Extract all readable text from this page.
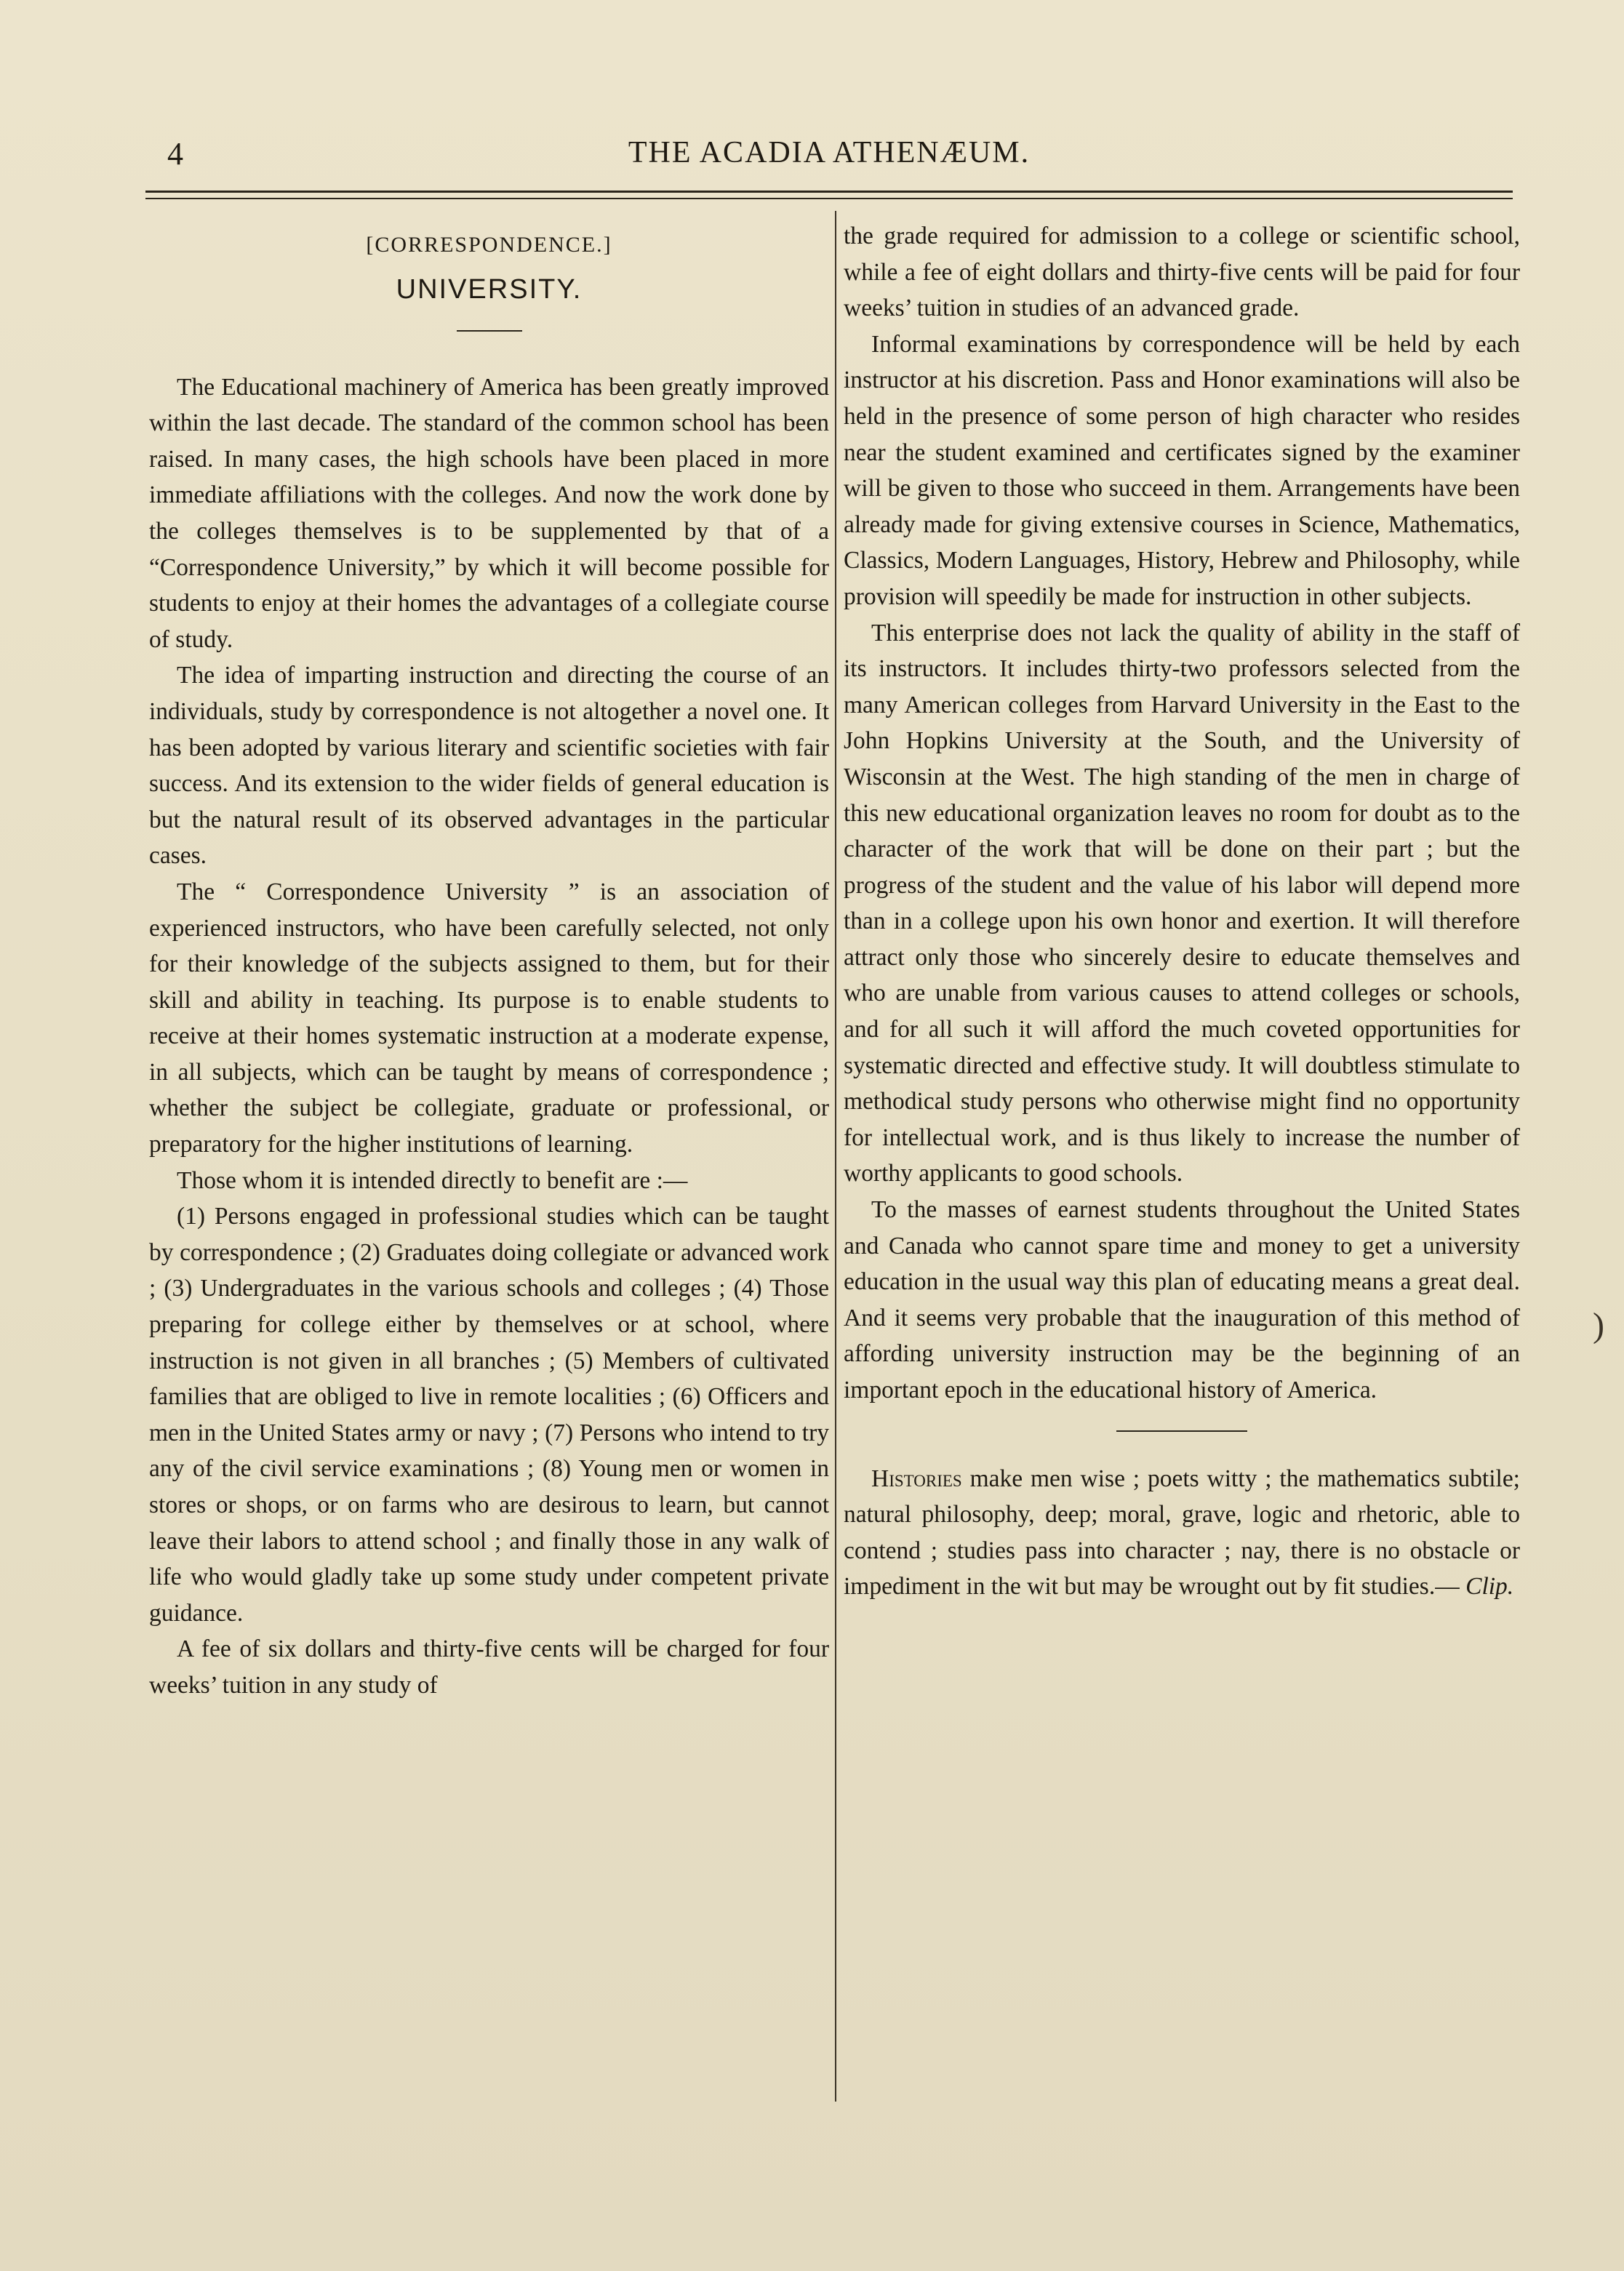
4	THE ACADIA ATHENÆUM.
[CORRESPONDENCE.]
UNIVERSITY.

The Educational machinery of America has been greatly improved within the last decade. The standard of the common school has been raised. In many cases, the high schools have been placed in more immediate affiliations with the colleges. And now the work done by the colleges themselves is to be supplemented by that of a “Correspondence University,” by which it will become possible for students to enjoy at their homes the advantages of a collegiate course of study.

The idea of imparting instruction and directing the course of an individuals, study by correspondence is not altogether a novel one. It has been adopted by various literary and scientific societies with fair success. And its extension to the wider fields of general education is but the natural result of its observed advantages in the particular cases.

The “ Correspondence University ” is an association of experienced instructors, who have been carefully selected, not only for their knowledge of the subjects assigned to them, but for their skill and ability in teaching. Its purpose is to enable students to receive at their homes systematic instruction at a moderate expense, in all subjects, which can be taught by means of correspondence ; whether the subject be collegiate, graduate or professional, or preparatory for the higher institutions of learning.

Those whom it is intended directly to benefit are :—

(1) Persons engaged in professional studies which can be taught by correspondence ; (2) Graduates doing collegiate or advanced work ; (3) Undergraduates in the various schools and colleges ; (4) Those preparing for college either by themselves or at school, where instruction is not given in all branches ; (5) Members of cultivated families that are obliged to live in remote localities ; (6) Officers and men in the United States army or navy ; (7) Persons who intend to try any of the civil service examinations ; (8) Young men or women in stores or shops, or on farms who are desirous to learn, but cannot leave their labors to attend school ; and finally those in any walk of life who would gladly take up some study under competent private guidance.

A fee of six dollars and thirty-five cents will be charged for four weeks’ tuition in any study of

the grade required for admission to a college or scientific school, while a fee of eight dollars and thirty-five cents will be paid for four weeks’ tuition in studies of an advanced grade.

Informal examinations by correspondence will be held by each instructor at his discretion. Pass and Honor examinations will also be held in the presence of some person of high character who resides near the student examined and certificates signed by the examiner will be given to those who succeed in them. Arrangements have been already made for giving extensive courses in Science, Mathematics, Classics, Modern Languages, History, Hebrew and Philosophy, while provision will speedily be made for instruction in other subjects.

This enterprise does not lack the quality of ability in the staff of its instructors. It includes thirty-two professors selected from the many American colleges from Harvard University in the East to the John Hopkins University at the South, and the University of Wisconsin at the West. The high standing of the men in charge of this new educational organization leaves no room for doubt as to the character of the work that will be done on their part ; but the progress of the student and the value of his labor will depend more than in a college upon his own honor and exertion. It will therefore attract only those who sincerely desire to educate themselves and who are unable from various causes to attend colleges or schools, and for all such it will afford the much coveted opportunities for systematic directed and effective study. It will doubtless stimulate to methodical study persons who otherwise might find no opportunity for intellectual work, and is thus likely to increase the number of worthy applicants to good schools.

To the masses of earnest students throughout the United States and Canada who cannot spare time and money to get a university education in the usual way this plan of educating means a great deal. And it seems very probable that the inauguration of this method of affording university instruction may be the beginning of an important epoch in the educational history of America.

Histories make men wise ; poets witty ; the mathematics subtile; natural philosophy, deep; moral, grave, logic and rhetoric, able to contend ; studies pass into character ; nay, there is no obstacle or impediment in the wit but may be wrought out by fit studies.— Clip.

)
